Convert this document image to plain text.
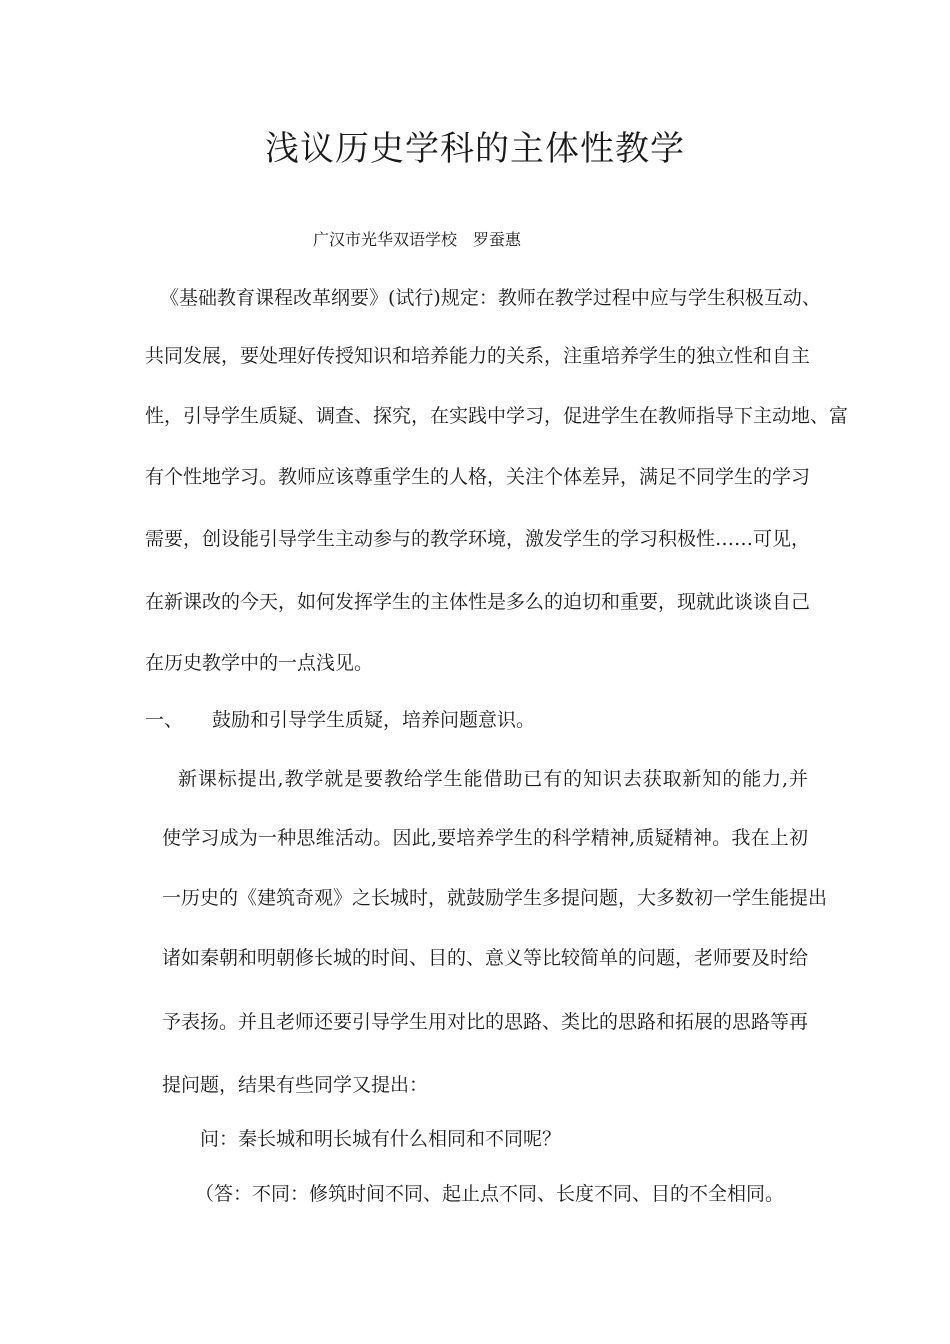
浅议历史学科的主体性教学
广汉市光华双语学校　罗蚕惠
《基础教育课程改革纲要》(试行)规定：教师在教学过程中应与学生积极互动、
共同发展，要处理好传授知识和培养能力的关系，注重培养学生的独立性和自主
性，引导学生质疑、调查、探究，在实践中学习，促进学生在教师指导下主动地、富
有个性地学习。教师应该尊重学生的人格，关注个体差异，满足不同学生的学习
需要，创设能引导学生主动参与的教学环境，激发学生的学习积极性……可见，
在新课改的今天，如何发挥学生的主体性是多么的迫切和重要，现就此谈谈自己
在历史教学中的一点浅见。
一、 鼓励和引导学生质疑，培养问题意识。
新课标提出,教学就是要教给学生能借助已有的知识去获取新知的能力,并
使学习成为一种思维活动。因此,要培养学生的科学精神,质疑精神。我在上初
一历史的《建筑奇观》之长城时，就鼓励学生多提问题，大多数初一学生能提出
诸如秦朝和明朝修长城的时间、目的、意义等比较简单的问题，老师要及时给
予表扬。并且老师还要引导学生用对比的思路、类比的思路和拓展的思路等再
提问题，结果有些同学又提出：
问：秦长城和明长城有什么相同和不同呢？
（答：不同：修筑时间不同、起止点不同、长度不同、目的不全相同。
